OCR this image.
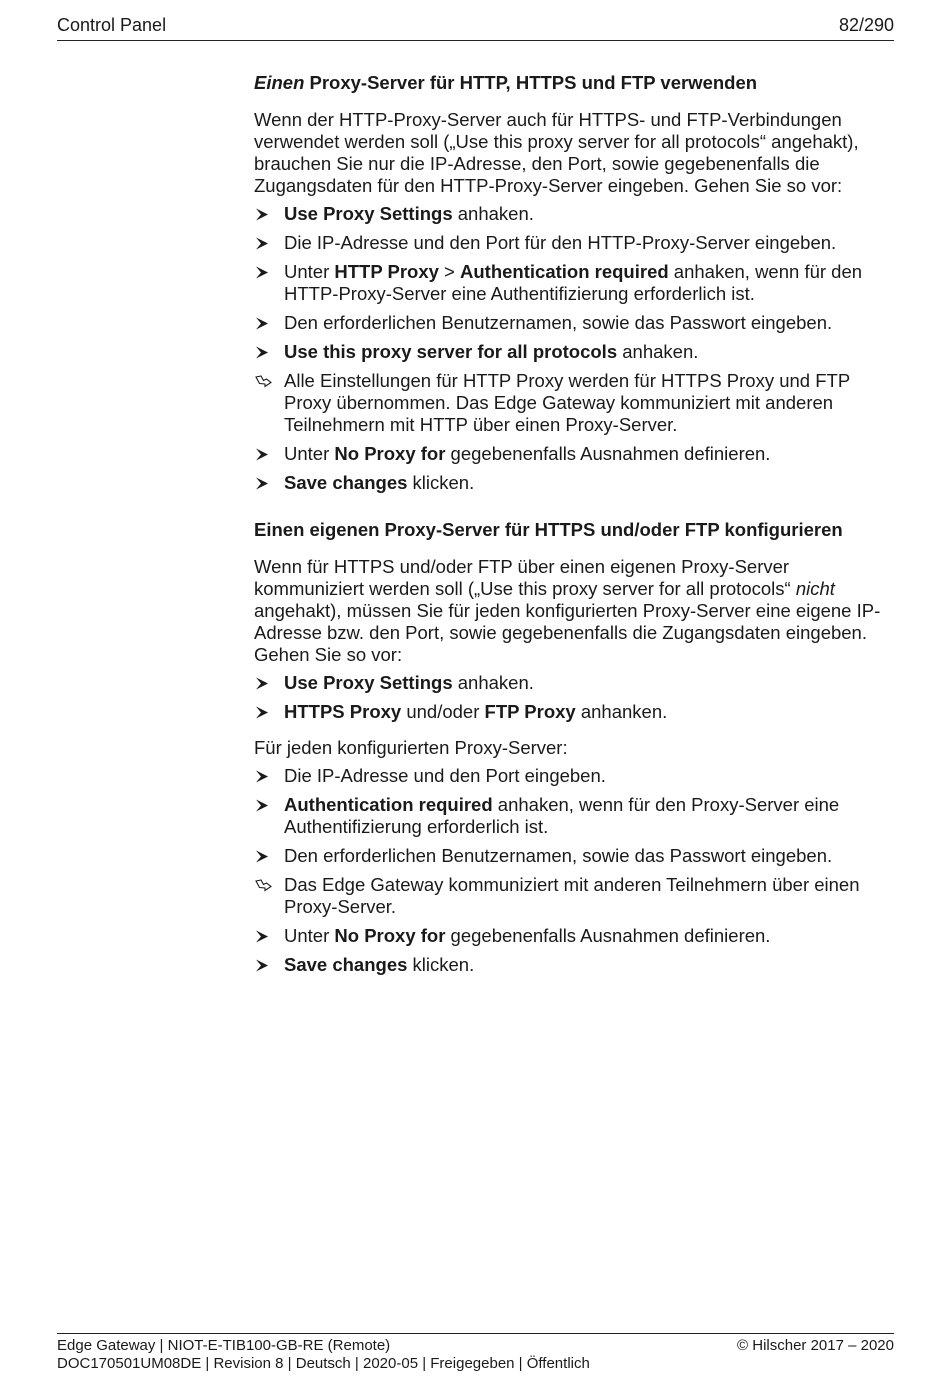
Control Panel	82/290
Einen Proxy-Server für HTTP, HTTPS und FTP verwenden

Wenn der HTTP-Proxy-Server auch für HTTPS- und FTP-Verbindungen verwendet werden soll („Use this proxy server for all protocols“ angehakt), brauchen Sie nur die IP-Adresse, den Port, sowie gegebenenfalls die Zugangsdaten für den HTTP-Proxy-Server eingeben. Gehen Sie so vor:

Use Proxy Settings anhaken.
Die IP-Adresse und den Port für den HTTP-Proxy-Server eingeben.
Unter HTTP Proxy > Authentication required anhaken, wenn für den HTTP-Proxy-Server eine Authentifizierung erforderlich ist.
Den erforderlichen Benutzernamen, sowie das Passwort eingeben.
Use this proxy server for all protocols anhaken.
Alle Einstellungen für HTTP Proxy werden für HTTPS Proxy und FTP Proxy übernommen. Das Edge Gateway kommuniziert mit anderen Teilnehmern mit HTTP über einen Proxy-Server.
Unter No Proxy for gegebenenfalls Ausnahmen definieren.
Save changes klicken.
Einen eigenen Proxy-Server für HTTPS und/oder FTP konfigurieren

Wenn für HTTPS und/oder FTP über einen eigenen Proxy-Server kommuniziert werden soll („Use this proxy server for all protocols“ nicht angehakt), müssen Sie für jeden konfigurierten Proxy-Server eine eigene IP-Adresse bzw. den Port, sowie gegebenenfalls die Zugangsdaten eingeben. Gehen Sie so vor:

Use Proxy Settings anhaken.
HTTPS Proxy und/oder FTP Proxy anhanken.

Für jeden konfigurierten Proxy-Server:

Die IP-Adresse und den Port eingeben.
Authentication required anhaken, wenn für den Proxy-Server eine Authentifizierung erforderlich ist.
Den erforderlichen Benutzernamen, sowie das Passwort eingeben.
Das Edge Gateway kommuniziert mit anderen Teilnehmern über einen Proxy-Server.
Unter No Proxy for gegebenenfalls Ausnahmen definieren.
Save changes klicken.
Edge Gateway | NIOT-E-TIB100-GB-RE (Remote)	© Hilscher 2017 – 2020
DOC170501UM08DE | Revision 8 | Deutsch | 2020-05 | Freigegeben | Öffentlich
